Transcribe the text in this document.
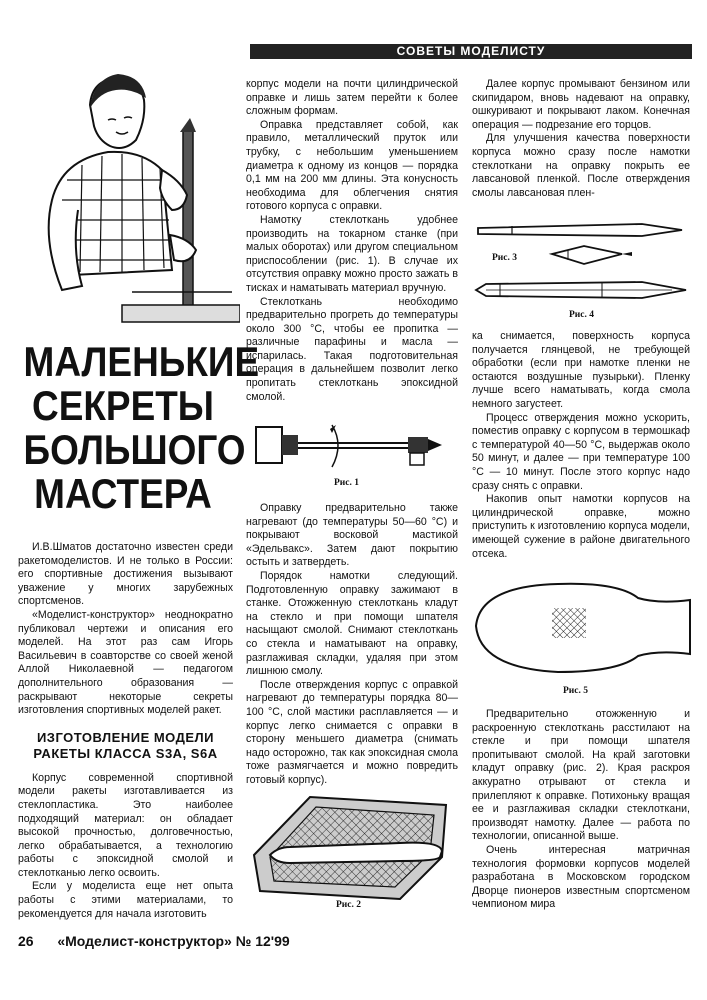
СОВЕТЫ МОДЕЛИСТУ
МАЛЕНЬКИЕ
СЕКРЕТЫ
БОЛЬШОГО
МАСТЕРА

И.В.Шматов достаточно известен среди ракетомоделистов. И не только в России: его спортивные достижения вызывают уважение у многих зарубежных спортсменов.

«Моделист-конструктор» неоднократно публиковал чертежи и описания его моделей. На этот раз сам Игорь Васильевич в соавторстве со своей женой Аллой Николаевной — педагогом дополнительного образования — раскрывают некоторые секреты изготовления спортивных моделей ракет.

ИЗГОТОВЛЕНИЕ МОДЕЛИ РАКЕТЫ КЛАССА S3A, S6A

Корпус современной спортивной модели ракеты изготавливается из стеклопластика. Это наиболее подходящий материал: он обладает высокой прочностью, долговечностью, легко обрабатывается, а технологию работы с эпоксидной смолой и стеклотканью легко освоить.

Если у моделиста еще нет опыта работы с этими материалами, то рекомендуется для начала изготовить

корпус модели на почти цилиндрической оправке и лишь затем перейти к более сложным формам.

Оправка представляет собой, как правило, металлический пруток или трубку, с небольшим уменьшением диаметра к одному из концов — порядка 0,1 мм на 200 мм длины. Эта конусность необходима для облегчения снятия готового корпуса с оправки.

Намотку стеклоткань удобнее производить на токарном станке (при малых оборотах) или другом специальном приспособлении (рис. 1). В случае их отсутствия оправку можно просто зажать в тисках и наматывать материал вручную.

Стеклоткань необходимо предварительно прогреть до температуры около 300 °С, чтобы ее пропитка — различные парафины и масла — испарилась. Такая подготовительная операция в дальнейшем позволит легко пропитать стеклоткань эпоксидной смолой.

Рис. 1

Оправку предварительно также нагревают (до температуры 50—60 °С) и покрывают восковой мастикой «Эдельвакс». Затем дают покрытию остыть и затвердеть.

Порядок намотки следующий. Подготовленную оправку зажимают в станке. Отожженную стеклоткань кладут на стекло и при помощи шпателя насыщают смолой. Снимают стеклоткань со стекла и наматывают на оправку, разглаживая складки, удаляя при этом лишнюю смолу.

После отверждения корпус с оправкой нагревают до температуры порядка 80—100 °С, слой мастики расплавляется — и корпус легко снимается с оправки в сторону меньшего диаметра (снимать надо осторожно, так как эпоксидная смола тоже размягчается и можно повредить готовый корпус).

Рис. 2

Далее корпус промывают бензином или скипидаром, вновь надевают на оправку, ошкуривают и покрывают лаком. Конечная операция — подрезание его торцов.

Для улучшения качества поверхности корпуса можно сразу после намотки стеклоткани на оправку покрыть ее лавсановой пленкой. После отверждения смолы лавсановая плен-

Рис. 3
Рис. 4

ка снимается, поверхность корпуса получается глянцевой, не требующей обработки (если при намотке пленки не остаются воздушные пузырьки). Пленку лучше всего наматывать, когда смола немного загустеет.

Процесс отверждения можно ускорить, поместив оправку с корпусом в термошкаф с температурой 40—50 °С, выдержав около 50 минут, и далее — при температуре 100 °С — 10 минут. После этого корпус надо сразу снять с оправки.

Накопив опыт намотки корпусов на цилиндрической оправке, можно приступить к изготовлению корпуса модели, имеющей сужение в районе двигательного отсека.

Рис. 5

Предварительно отожженную и раскроенную стеклоткань расстилают на стекле и при помощи шпателя пропитывают смолой. На край заготовки кладут оправку (рис. 2). Края раскроя аккуратно отрывают от стекла и прилепляют к оправке. Потихоньку вращая ее и разглаживая складки стеклоткани, производят намотку. Далее — работа по технологии, описанной выше.

Очень интересная матричная технология формовки корпусов моделей разработана в Московском городском Дворце пионеров известным спортсменом чемпионом мира

26 «Моделист-конструктор» № 12'99
